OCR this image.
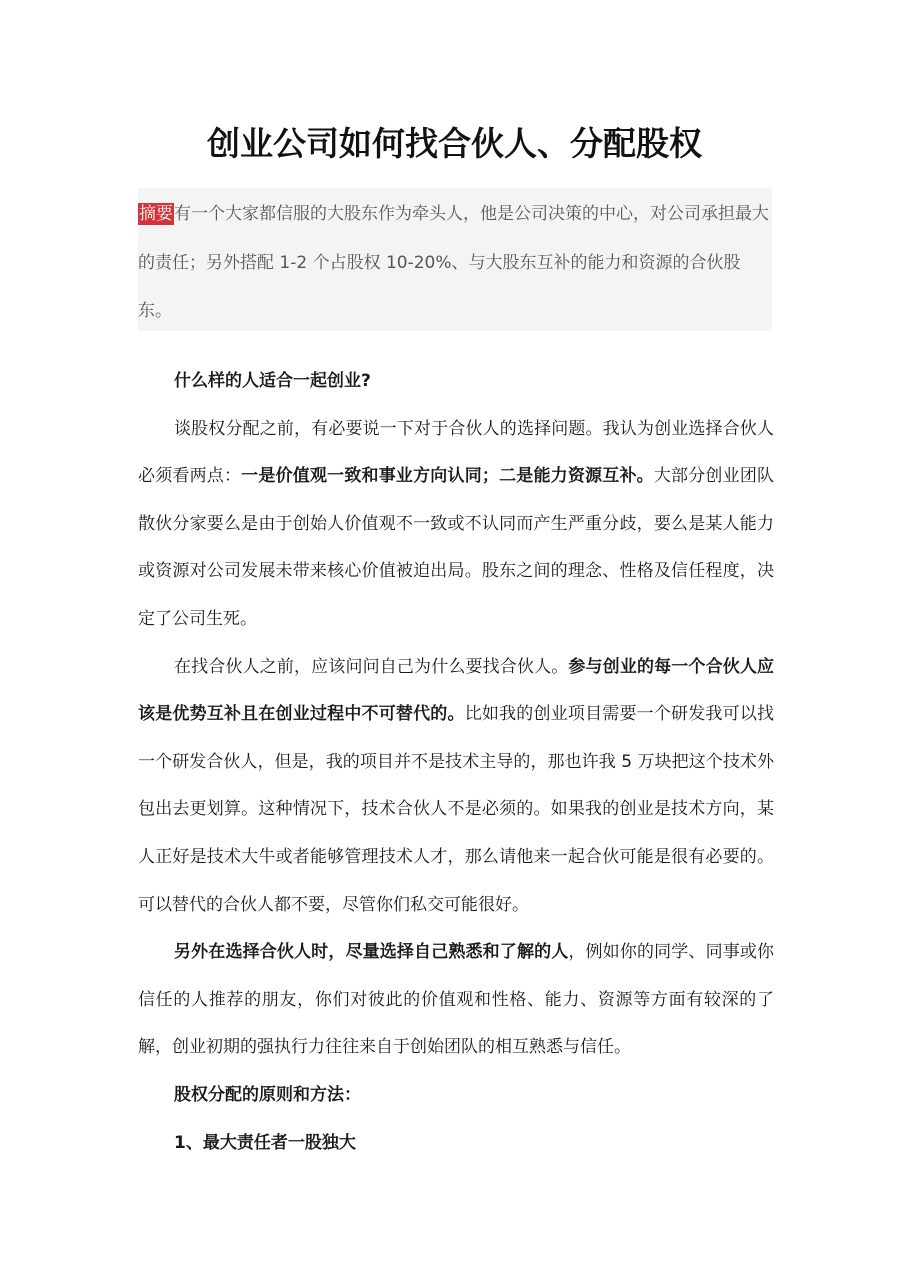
创业公司如何找合伙人、分配股权
摘要有一个大家都信服的大股东作为牵头人，他是公司决策的中心，对公司承担最大的责任；另外搭配 1-2 个占股权 10-20%、与大股东互补的能力和资源的合伙股东。

什么样的人适合一起创业?

谈股权分配之前，有必要说一下对于合伙人的选择问题。我认为创业选择合伙人必须看两点：一是价值观一致和事业方向认同；二是能力资源互补。大部分创业团队散伙分家要么是由于创始人价值观不一致或不认同而产生严重分歧，要么是某人能力或资源对公司发展未带来核心价值被迫出局。股东之间的理念、性格及信任程度，决定了公司生死。

在找合伙人之前，应该问问自己为什么要找合伙人。参与创业的每一个合伙人应该是优势互补且在创业过程中不可替代的。比如我的创业项目需要一个研发我可以找一个研发合伙人，但是，我的项目并不是技术主导的，那也许我 5 万块把这个技术外包出去更划算。这种情况下，技术合伙人不是必须的。如果我的创业是技术方向，某人正好是技术大牛或者能够管理技术人才，那么请他来一起合伙可能是很有必要的。可以替代的合伙人都不要，尽管你们私交可能很好。

另外在选择合伙人时，尽量选择自己熟悉和了解的人，例如你的同学、同事或你信任的人推荐的朋友，你们对彼此的价值观和性格、能力、资源等方面有较深的了解，创业初期的强执行力往往来自于创始团队的相互熟悉与信任。

股权分配的原则和方法：

1、最大责任者一股独大
